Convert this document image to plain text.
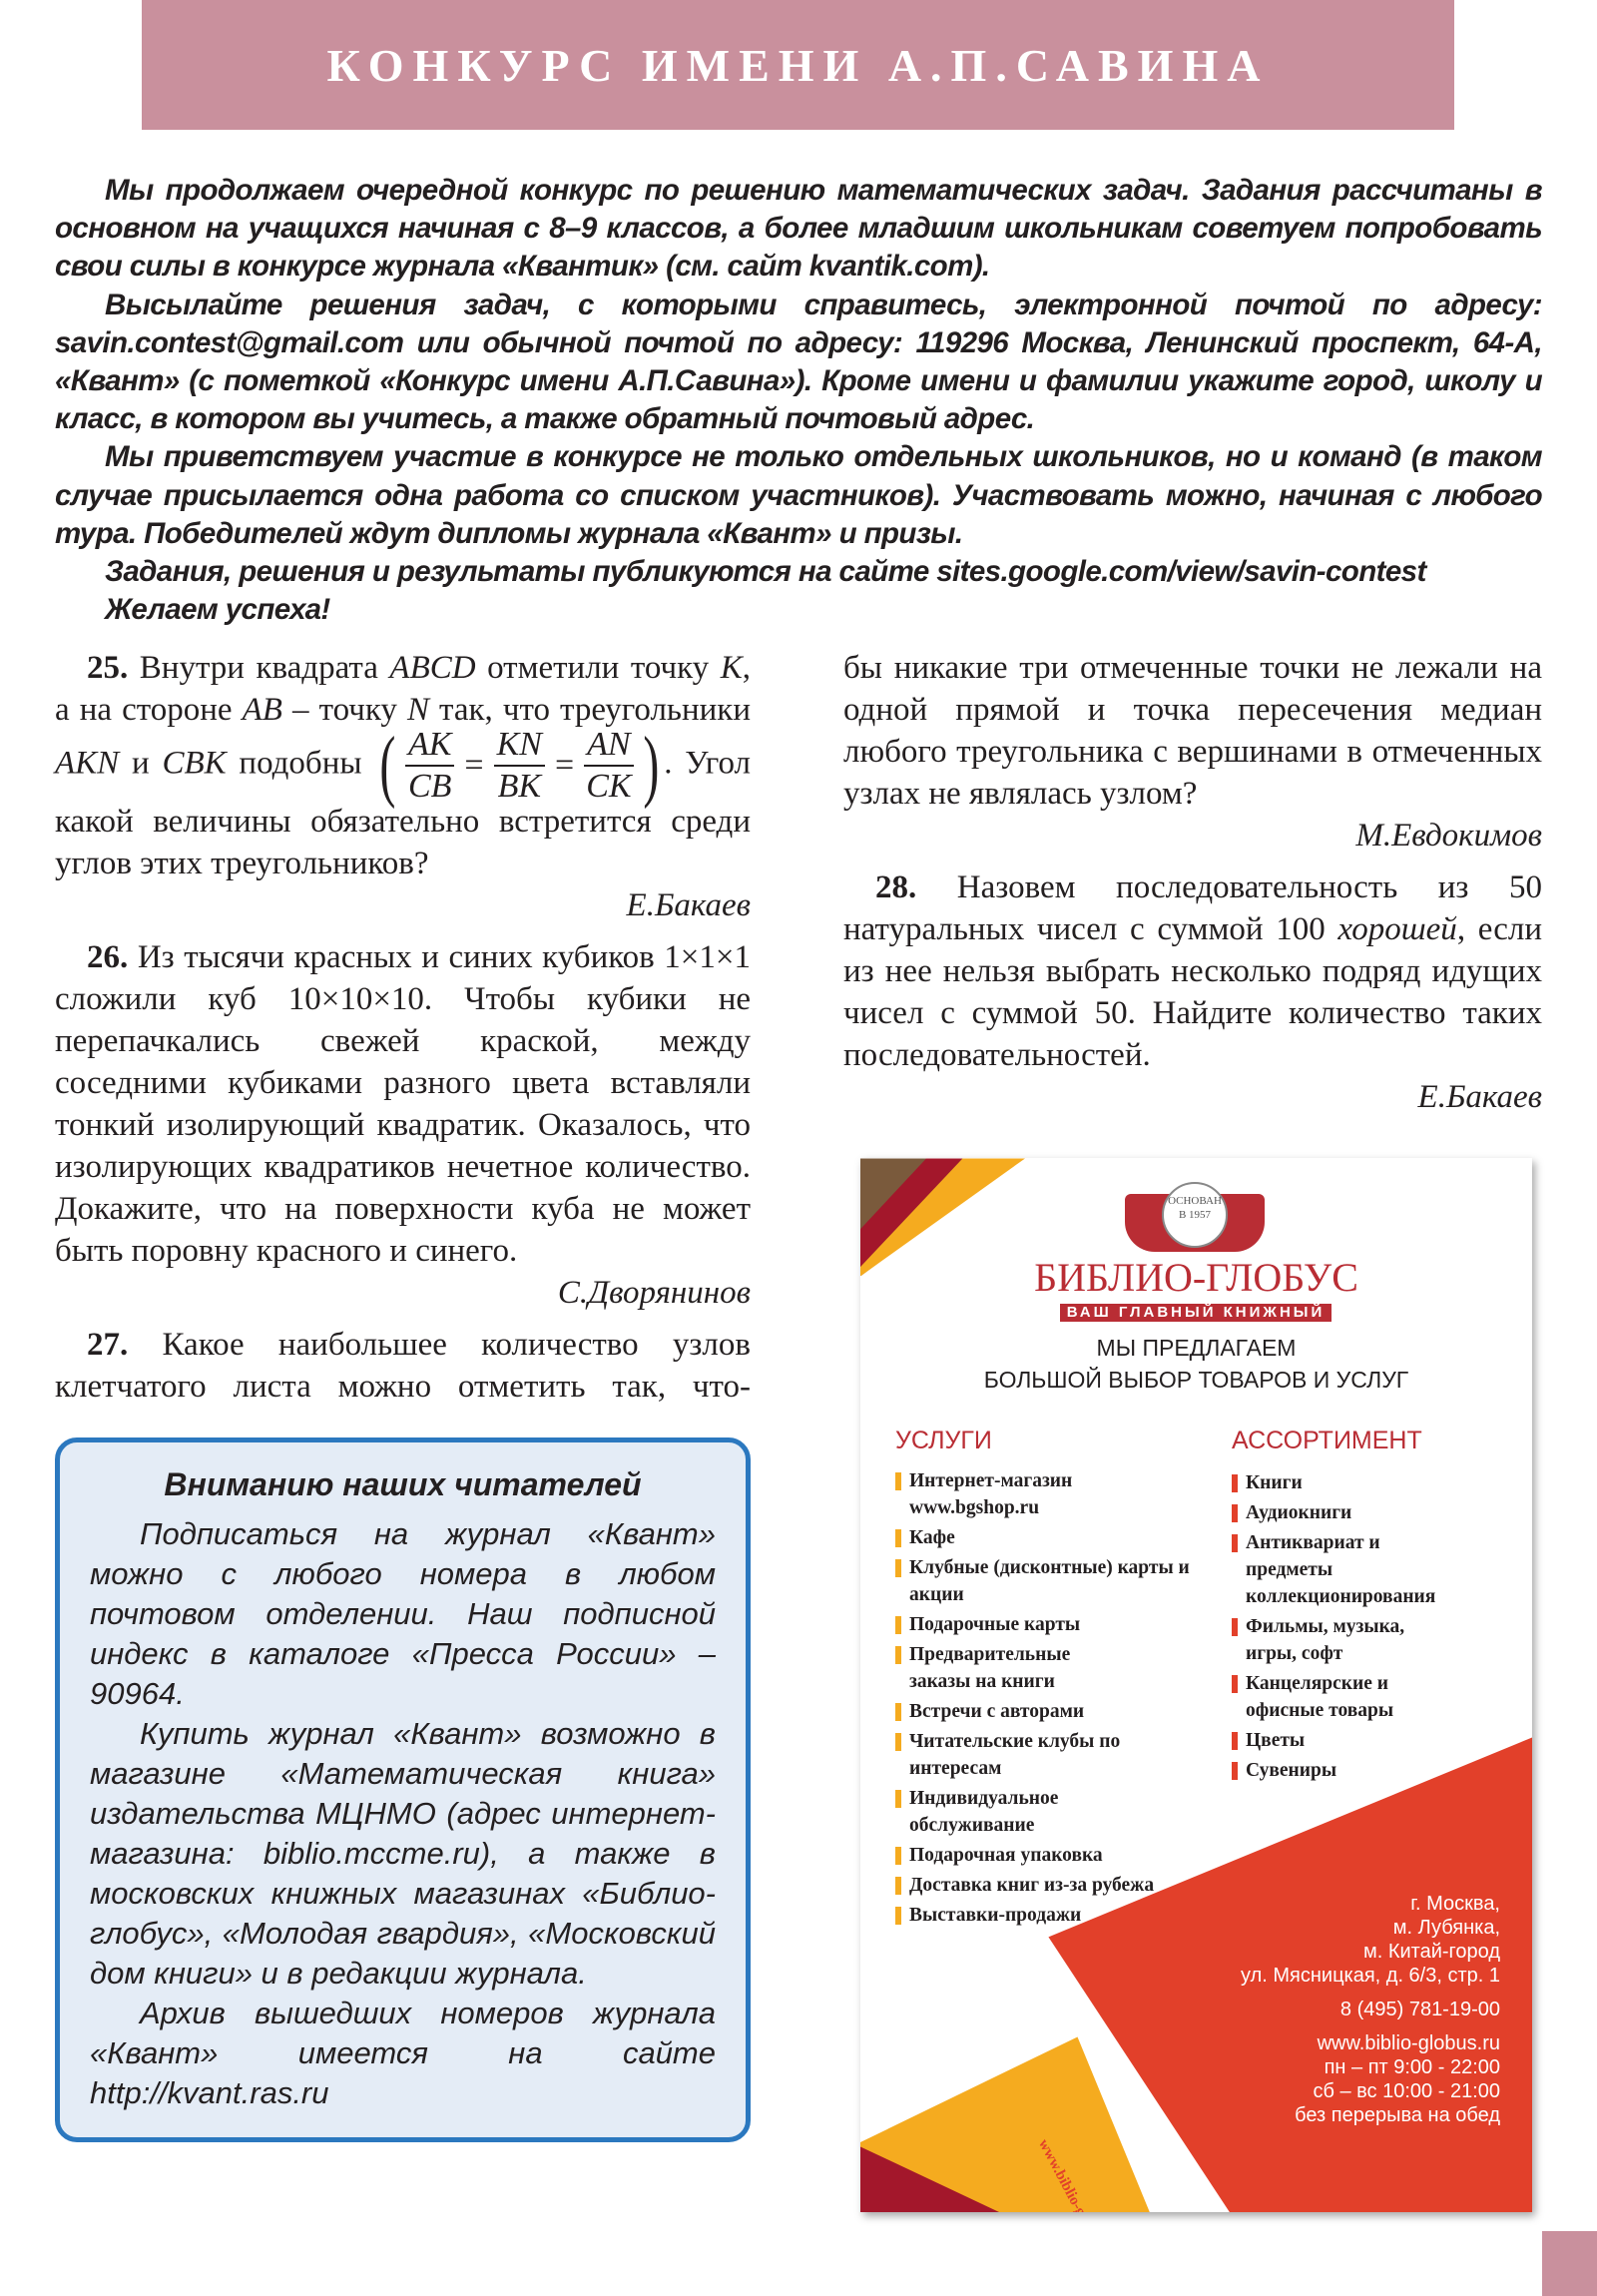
КОНКУРС ИМЕНИ А.П.САВИНА

Мы продолжаем очередной конкурс по решению математических задач. Задания рассчитаны в основном на учащихся начиная с 8–9 классов, а более младшим школьникам советуем попробовать свои силы в конкурсе журнала «Квантик» (см. сайт kvantik.com).

Высылайте решения задач, с которыми справитесь, электронной почтой по адресу: savin.contest@gmail.com или обычной почтой по адресу: 119296 Москва, Ленинский проспект, 64-А, «Квант» (с пометкой «Конкурс имени А.П.Савина»). Кроме имени и фамилии укажите город, школу и класс, в котором вы учитесь, а также обратный почтовый адрес.

Мы приветствуем участие в конкурсе не только отдельных школьников, но и команд (в таком случае присылается одна работа со списком участников). Участвовать можно, начиная с любого тура. Победителей ждут дипломы журнала «Квант» и призы.

Задания, решения и результаты публикуются на сайте sites.google.com/view/savin-contest

Желаем успеха!

25. Внутри квадрата ABCD отметили точку K, а на стороне AB – точку N так, что треугольники AKN и CBK подобны ( $\frac{AK}{CB} = \frac{KN}{BK} = \frac{AN}{CK}$ ) . Угол какой величины обязательно встретится среди углов этих треугольников?

Е.Бакаев

26. Из тысячи красных и синих кубиков 1×1×1 сложили куб 10×10×10. Чтобы кубики не перепачкались свежей краской, между соседними кубиками разного цвета вставляли тонкий изолирующий квадратик. Оказалось, что изолирующих квадратиков нечетное количество. Докажите, что на поверхности куба не может быть поровну красного и синего.

С.Дворянинов

27. Какое наибольшее количество узлов клетчатого листа можно отметить так, что-

Вниманию наших читателей

Подписаться на журнал «Квант» можно с любого номера в любом почтовом отделении. Наш подписной индекс в каталоге «Пресса России» – 90964.

Купить журнал «Квант» возможно в магазине «Математическая книга» издательства МЦНМО (адрес интернет-магазина: biblio.mccme.ru), а также в московских книжных магазинах «Библио-глобус», «Молодая гвардия», «Московский дом книги» и в редакции журнала.

Архив вышедших номеров журнала «Квант» имеется на сайте http://kvant.ras.ru

бы никакие три отмеченные точки не лежали на одной прямой и точка пересечения медиан любого треугольника с вершинами в отмеченных узлах не являлась узлом?

М.Евдокимов

28. Назовем последовательность из 50 натуральных чисел с суммой 100 хорошей, если из нее нельзя выбрать несколько подряд идущих чисел с суммой 50. Найдите количество таких последовательностей.

Е.Бакаев

ОСНОВАН В 1957
БИБЛИО-ГЛОБУС
ВАШ ГЛАВНЫЙ КНИЖНЫЙ
МЫ ПРЕДЛАГАЕМ
БОЛЬШОЙ ВЫБОР ТОВАРОВ И УСЛУГ
УСЛУГИ
Интернет-магазин www.bgshop.ru
Кафе
Клубные (дисконтные) карты и акции
Подарочные карты
Предварительные заказы на книги
Встречи с авторами
Читательские клубы по интересам
Индивидуальное обслуживание
Подарочная упаковка
Доставка книг из-за рубежа
Выставки-продажи
АССОРТИМЕНТ
Книги
Аудиокниги
Антиквариат и предметы коллекционирования
Фильмы, музыка, игры, софт
Канцелярские и офисные товары
Цветы
Сувениры
г. Москва,
м. Лубянка,
м. Китай-город
ул. Мясницкая, д. 6/3, стр. 1
8 (495) 781-19-00
www.biblio-globus.ru
пн – пт 9:00 - 22:00
сб – вс 10:00 - 21:00
без перерыва на обед
